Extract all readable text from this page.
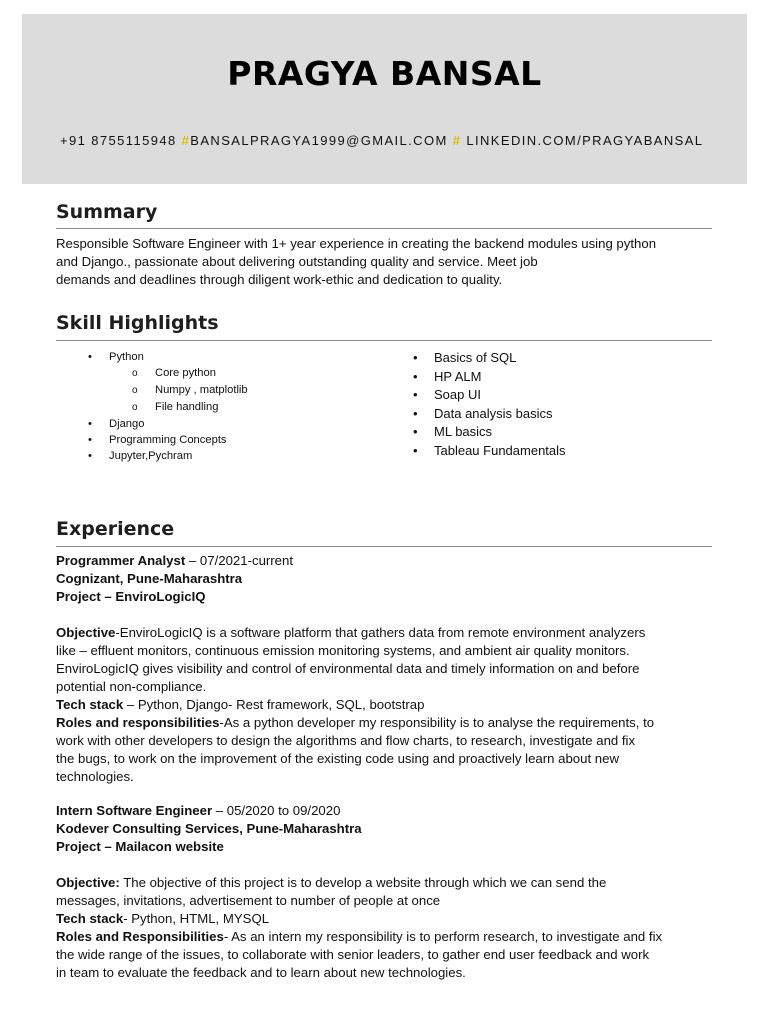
PRAGYA BANSAL
+91 8755115948 #BANSALPRAGYA1999@GMAIL.COM # LINKEDIN.COM/PRAGYABANSAL
Summary
Responsible Software Engineer with 1+ year experience in creating the backend modules using python
and Django., passionate about delivering outstanding quality and service. Meet job
demands and deadlines through diligent work-ethic and dedication to quality.
Skill Highlights
• Python
o Core python
o Numpy , matplotlib
o File handling
• Django
• Programming Concepts
• Jupyter,Pychram
• Basics of SQL
• HP ALM
• Soap UI
• Data analysis basics
• ML basics
• Tableau Fundamentals
Experience
Programmer Analyst – 07/2021-current
Cognizant, Pune-Maharashtra
Project – EnviroLogicIQ

Objective-EnviroLogicIQ is a software platform that gathers data from remote environment analyzers
like – effluent monitors, continuous emission monitoring systems, and ambient air quality monitors.
EnviroLogicIQ gives visibility and control of environmental data and timely information on and before
potential non-compliance.
Tech stack – Python, Django- Rest framework, SQL, bootstrap
Roles and responsibilities-As a python developer my responsibility is to analyse the requirements, to
work with other developers to design the algorithms and flow charts, to research, investigate and fix
the bugs, to work on the improvement of the existing code using and proactively learn about new
technologies.
Intern Software Engineer – 05/2020 to 09/2020
Kodever Consulting Services, Pune-Maharashtra
Project – Mailacon website

Objective: The objective of this project is to develop a website through which we can send the
messages, invitations, advertisement to number of people at once
Tech stack- Python, HTML, MYSQL
Roles and Responsibilities- As an intern my responsibility is to perform research, to investigate and fix
the wide range of the issues, to collaborate with senior leaders, to gather end user feedback and work
in team to evaluate the feedback and to learn about new technologies.
